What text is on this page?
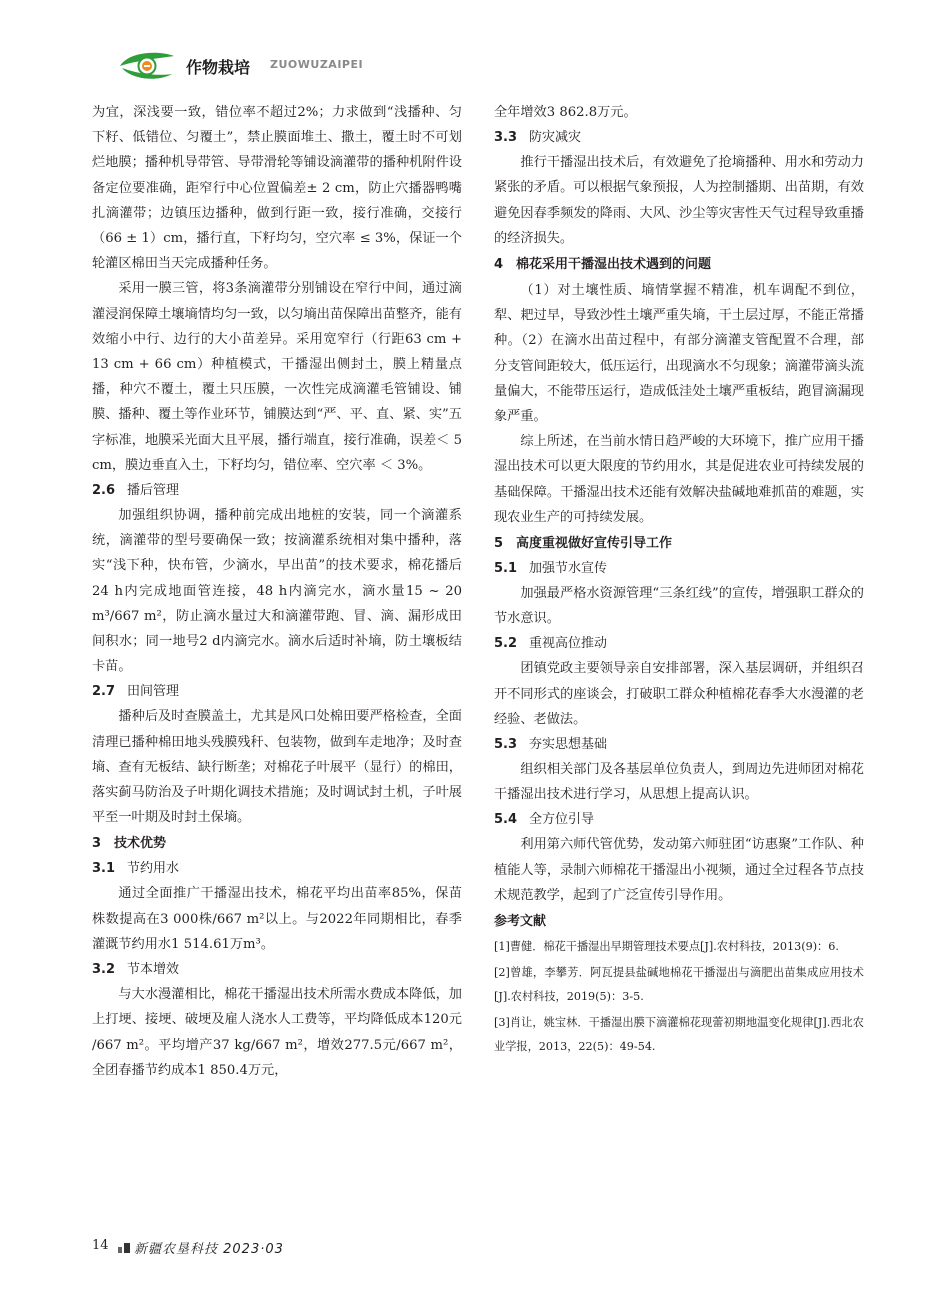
作物栽培 ZUOWUZAIPEI

为宜，深浅要一致，错位率不超过2%；力求做到“浅播种、匀下籽、低错位、匀覆土”，禁止膜面堆土、撒土，覆土时不可划烂地膜；播种机导带管、导带滑轮等铺设滴灌带的播种机附件设备定位要准确，距窄行中心位置偏差± 2 cm，防止穴播器鸭嘴扎滴灌带；边镇压边播种，做到行距一致，接行准确，交接行（66 ± 1）cm，播行直，下籽均匀，空穴率 ≤ 3%，保证一个轮灌区棉田当天完成播种任务。

采用一膜三管，将3条滴灌带分别铺设在窄行中间，通过滴灌浸润保障土壤墒情均匀一致，以匀墒出苗保障出苗整齐，能有效缩小中行、边行的大小苗差异。采用宽窄行（行距63 cm + 13 cm + 66 cm）种植模式，干播湿出侧封土，膜上精量点播，种穴不覆土，覆土只压膜，一次性完成滴灌毛管铺设、铺膜、播种、覆土等作业环节，铺膜达到“严、平、直、紧、实”五字标准，地膜采光面大且平展，播行端直，接行准确，误差＜ 5 cm，膜边垂直入土，下籽均匀，错位率、空穴率 ＜ 3%。

2.6 播后管理

加强组织协调，播种前完成出地桩的安装，同一个滴灌系统，滴灌带的型号要确保一致；按滴灌系统相对集中播种，落实“浅下种，快布管，少滴水，早出苗”的技术要求，棉花播后24 h内完成地面管连接，48 h内滴完水，滴水量15 ~ 20 m³/667 m²，防止滴水量过大和滴灌带跑、冒、滴、漏形成田间积水；同一地号2 d内滴完水。滴水后适时补墒，防土壤板结卡苗。

2.7 田间管理

播种后及时查膜盖土，尤其是风口处棉田要严格检查，全面清理已播种棉田地头残膜残秆、包装物，做到车走地净；及时查墒、查有无板结、缺行断垄；对棉花子叶展平（显行）的棉田，落实蓟马防治及子叶期化调技术措施；及时调试封土机，子叶展平至一叶期及时封土保墒。

3　技术优势
3.1 节约用水

通过全面推广干播湿出技术，棉花平均出苗率85%，保苗株数提高在3 000株/667 m²以上。与2022年同期相比，春季灌溉节约用水1 514.61万m³。

3.2 节本增效

与大水漫灌相比，棉花干播湿出技术所需水费成本降低，加上打埂、接埂、破埂及雇人浇水人工费等，平均降低成本120元 /667 m²。平均增产37 kg/667 m²，增效277.5元/667 m²，全团春播节约成本1 850.4万元，

全年增效3 862.8万元。

3.3 防灾减灾

推行干播湿出技术后，有效避免了抢墒播种、用水和劳动力紧张的矛盾。可以根据气象预报，人为控制播期、出苗期，有效避免因春季频发的降雨、大风、沙尘等灾害性天气过程导致重播的经济损失。

4　棉花采用干播湿出技术遇到的问题

（1）对土壤性质、墒情掌握不精准，机车调配不到位，犁、耙过早，导致沙性土壤严重失墒，干土层过厚，不能正常播种。（2）在滴水出苗过程中，有部分滴灌支管配置不合理，部分支管间距较大，低压运行，出现滴水不匀现象；滴灌带滴头流量偏大，不能带压运行，造成低洼处土壤严重板结，跑冒滴漏现象严重。

综上所述，在当前水情日趋严峻的大环境下，推广应用干播湿出技术可以更大限度的节约用水，其是促进农业可持续发展的基础保障。干播湿出技术还能有效解决盐碱地难抓苗的难题，实现农业生产的可持续发展。

5　高度重视做好宣传引导工作
5.1 加强节水宣传

加强最严格水资源管理“三条红线”的宣传，增强职工群众的节水意识。

5.2 重视高位推动

团镇党政主要领导亲自安排部署，深入基层调研，并组织召开不同形式的座谈会，打破职工群众种植棉花春季大水漫灌的老经验、老做法。

5.3 夯实思想基础

组织相关部门及各基层单位负责人，到周边先进师团对棉花干播湿出技术进行学习，从思想上提高认识。

5.4 全方位引导

利用第六师代管优势，发动第六师驻团“访惠聚”工作队、种植能人等，录制六师棉花干播湿出小视频，通过全过程各节点技术规范教学，起到了广泛宣传引导作用。

参考文献

[1]曹健．棉花干播湿出早期管理技术要点[J].农村科技，2013(9)：6.

[2]曾雄，李攀芳．阿瓦提县盐碱地棉花干播湿出与滴肥出苗集成应用技术[J].农村科技，2019(5)：3-5.

[3]肖让，姚宝林．干播湿出膜下滴灌棉花现蕾初期地温变化规律[J].西北农业学报，2013，22(5)：49-54.

14 新疆农垦科技 2023·03
